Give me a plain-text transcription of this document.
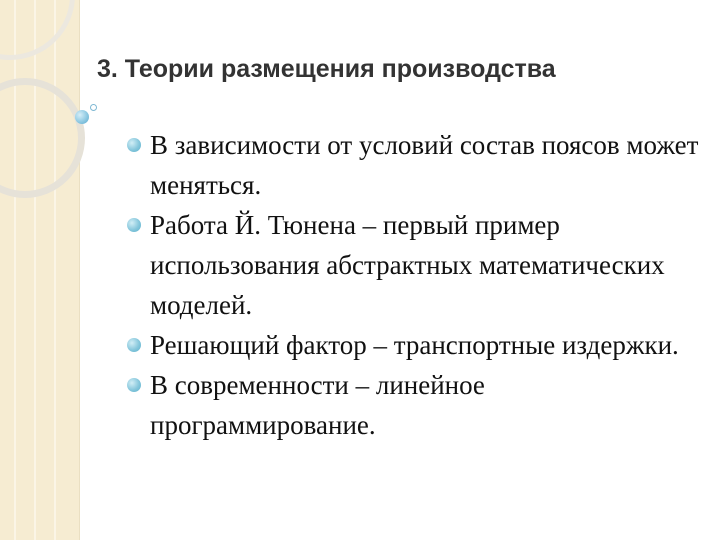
3. Теории размещения производства
В зависимости от условий состав поясов может меняться.
Работа Й. Тюнена – первый пример использования абстрактных математических моделей.
Решающий фактор – транспортные издержки.
В современности – линейное программирование.
